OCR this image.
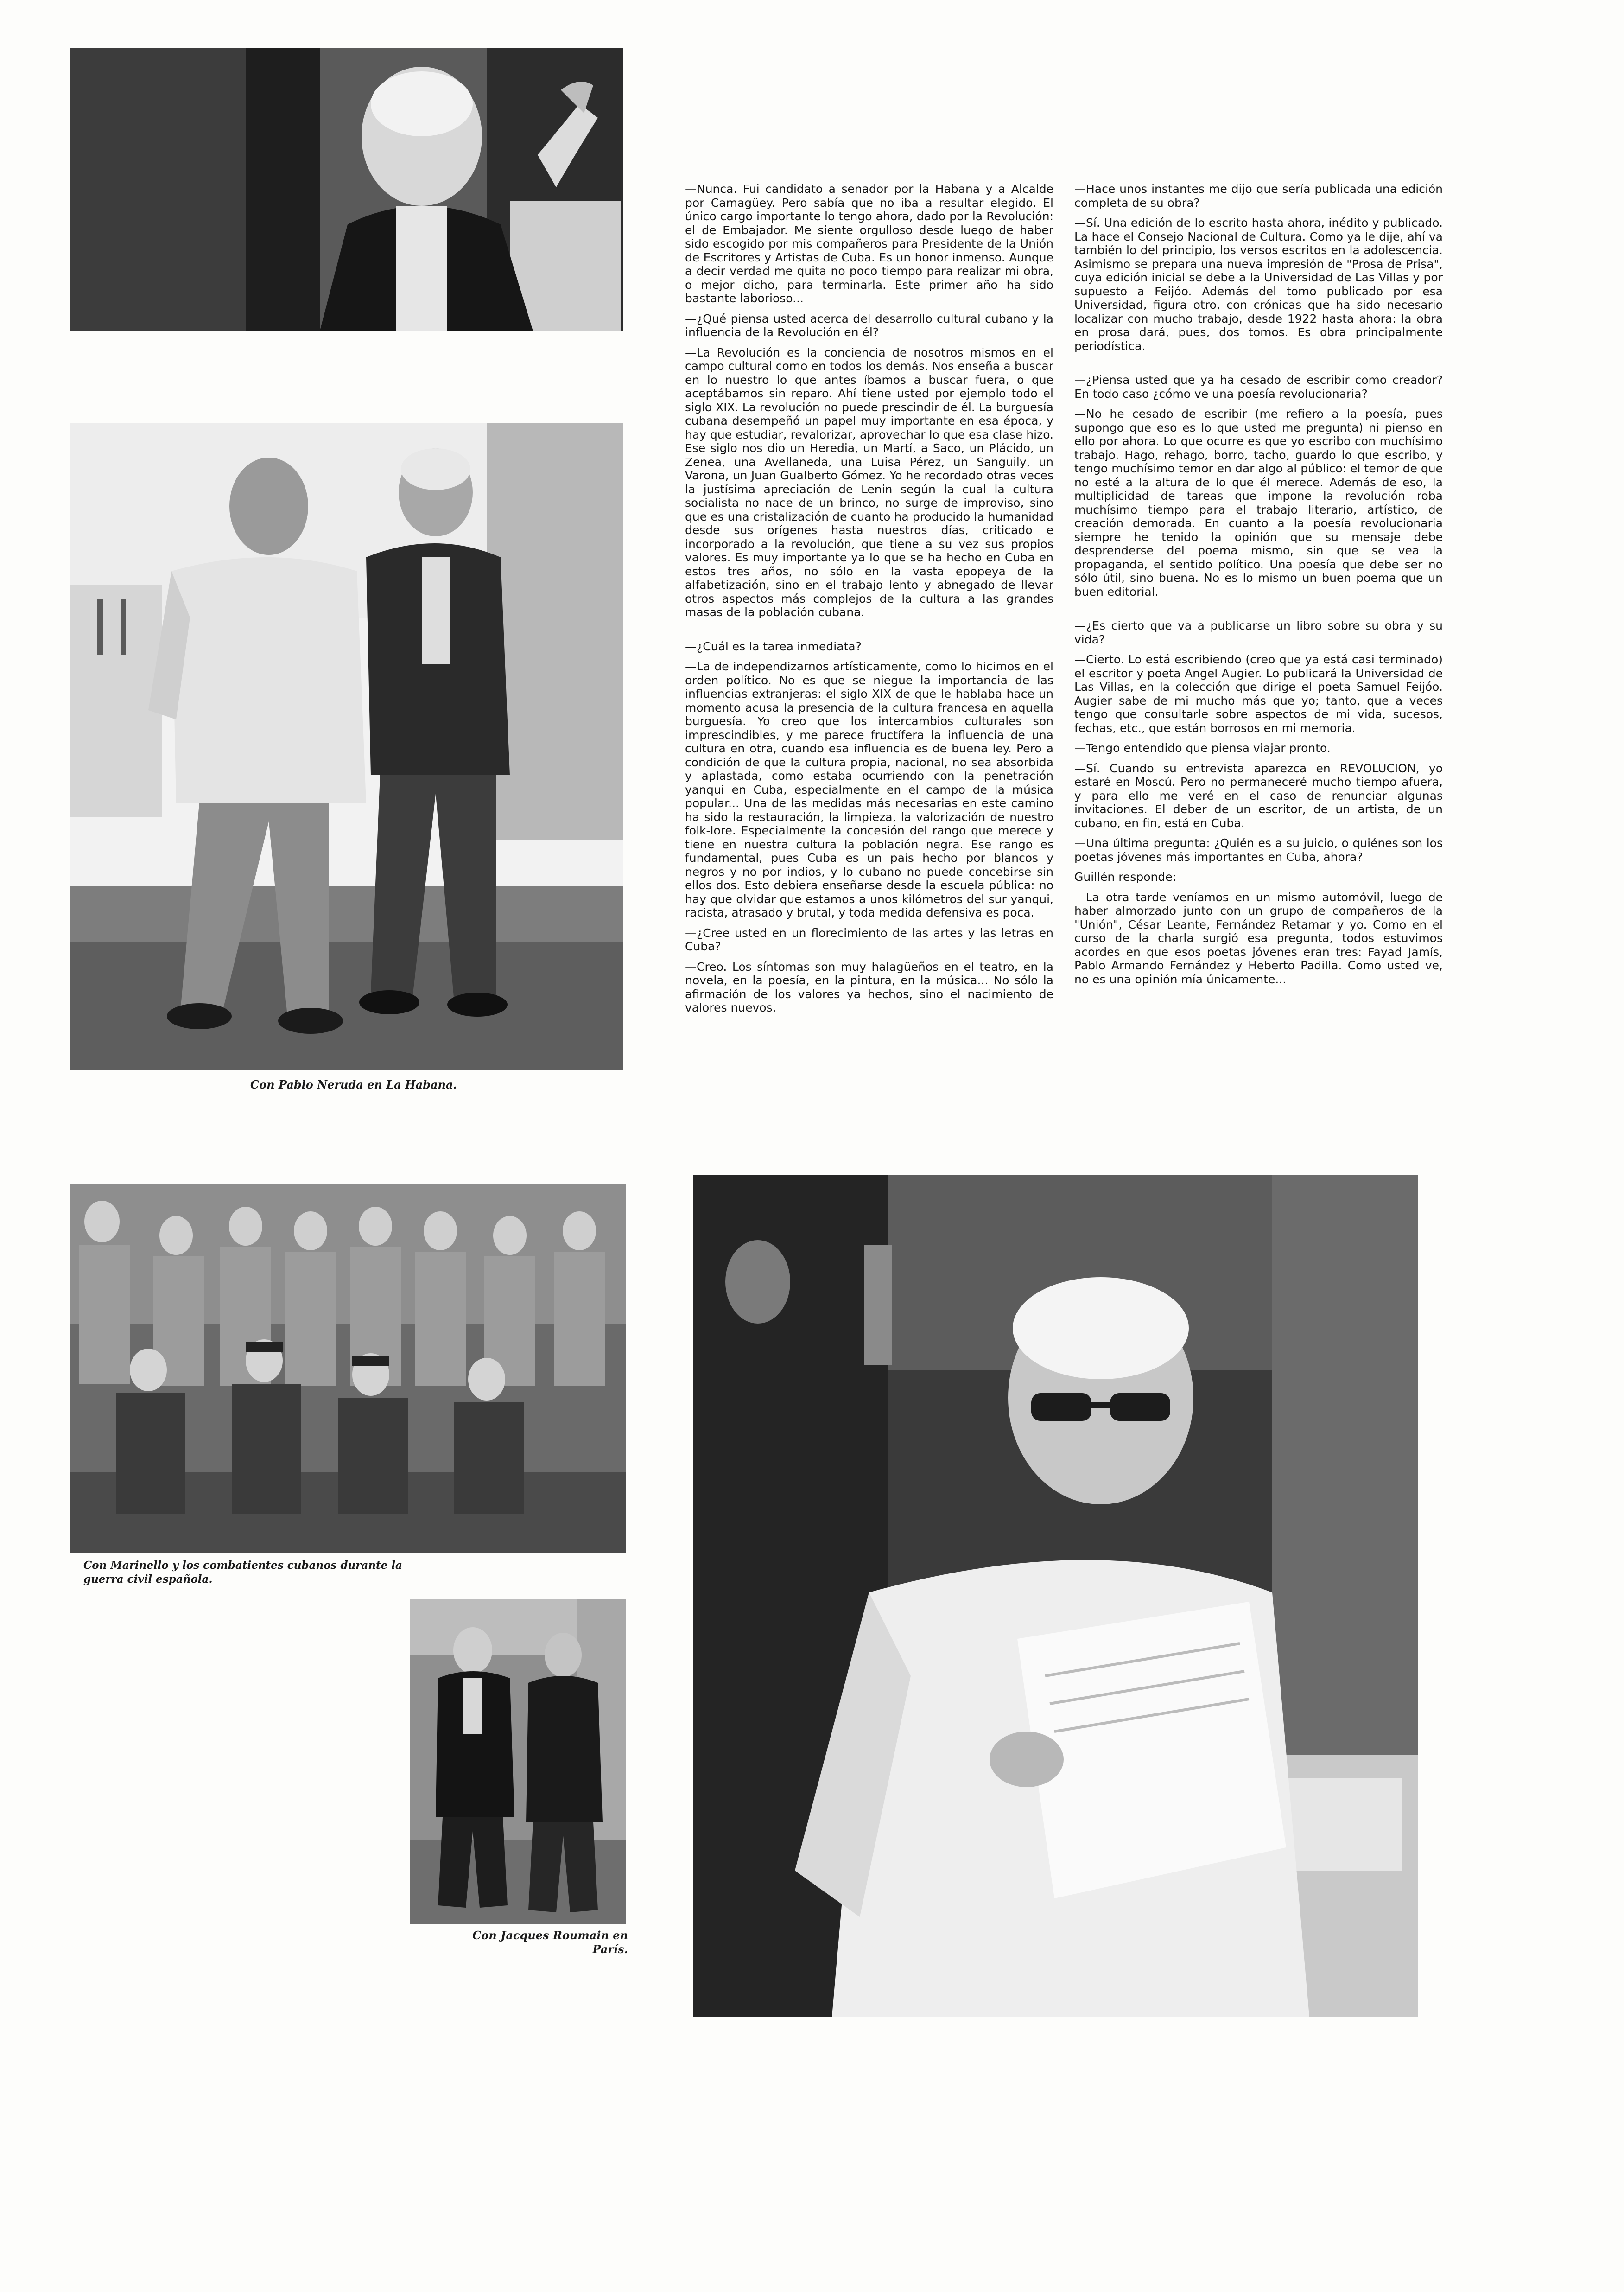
Con Pablo Neruda en La Habana.
Con Marinello y los combatientes cubanos durante la guerra civil española.
Con Jacques Roumain en París.

—Nunca. Fui candidato a senador por la Habana y a Alcalde por Camagüey. Pero sabía que no iba a resultar elegido. El único cargo importante lo tengo ahora, dado por la Revolución: el de Embajador. Me siente orgulloso desde luego de haber sido escogido por mis compañeros para Presidente de la Unión de Escritores y Artistas de Cuba. Es un honor inmenso. Aunque a decir verdad me quita no poco tiempo para realizar mi obra, o mejor dicho, para terminarla. Este primer año ha sido bastante laborioso...

—¿Qué piensa usted acerca del desarrollo cultural cubano y la influencia de la Revolución en él?

—La Revolución es la conciencia de nosotros mismos en el campo cultural como en todos los demás. Nos enseña a buscar en lo nuestro lo que antes íbamos a buscar fuera, o que aceptábamos sin reparo. Ahí tiene usted por ejemplo todo el siglo XIX. La revolución no puede prescindir de él. La burguesía cubana desempeñó un papel muy importante en esa época, y hay que estudiar, revalorizar, aprovechar lo que esa clase hizo. Ese siglo nos dio un Heredia, un Martí, a Saco, un Plácido, un Zenea, una Avellaneda, una Luisa Pérez, un Sanguily, un Varona, un Juan Gualberto Gómez. Yo he recordado otras veces la justísima apreciación de Lenin según la cual la cultura socialista no nace de un brinco, no surge de improviso, sino que es una cristalización de cuanto ha producido la humanidad desde sus orígenes hasta nuestros días, criticado e incorporado a la revolución, que tiene a su vez sus propios valores. Es muy importante ya lo que se ha hecho en Cuba en estos tres años, no sólo en la vasta epopeya de la alfabetización, sino en el trabajo lento y abnegado de llevar otros aspectos más complejos de la cultura a las grandes masas de la población cubana.

—¿Cuál es la tarea inmediata?

—La de independizarnos artísticamente, como lo hicimos en el orden político. No es que se niegue la importancia de las influencias extranjeras: el siglo XIX de que le hablaba hace un momento acusa la presencia de la cultura francesa en aquella burguesía. Yo creo que los intercambios culturales son imprescindibles, y me parece fructífera la influencia de una cultura en otra, cuando esa influencia es de buena ley. Pero a condición de que la cultura propia, nacional, no sea absorbida y aplastada, como estaba ocurriendo con la penetración yanqui en Cuba, especialmente en el campo de la música popular... Una de las medidas más necesarias en este camino ha sido la restauración, la limpieza, la valorización de nuestro folk-lore. Especialmente la concesión del rango que merece y tiene en nuestra cultura la población negra. Ese rango es fundamental, pues Cuba es un país hecho por blancos y negros y no por indios, y lo cubano no puede concebirse sin ellos dos. Esto debiera enseñarse desde la escuela pública: no hay que olvidar que estamos a unos kilómetros del sur yanqui, racista, atrasado y brutal, y toda medida defensiva es poca.

—¿Cree usted en un florecimiento de las artes y las letras en Cuba?

—Creo. Los síntomas son muy halagüeños en el teatro, en la novela, en la poesía, en la pintura, en la música... No sólo la afirmación de los valores ya hechos, sino el nacimiento de valores nuevos.

—Hace unos instantes me dijo que sería publicada una edición completa de su obra?

—Sí. Una edición de lo escrito hasta ahora, inédito y publicado. La hace el Consejo Nacional de Cultura. Como ya le dije, ahí va también lo del principio, los versos escritos en la adolescencia. Asimismo se prepara una nueva impresión de "Prosa de Prisa", cuya edición inicial se debe a la Universidad de Las Villas y por supuesto a Feijóo. Además del tomo publicado por esa Universidad, figura otro, con crónicas que ha sido necesario localizar con mucho trabajo, desde 1922 hasta ahora: la obra en prosa dará, pues, dos tomos. Es obra principalmente periodística.

—¿Piensa usted que ya ha cesado de escribir como creador? En todo caso ¿cómo ve una poesía revolucionaria?

—No he cesado de escribir (me refiero a la poesía, pues supongo que eso es lo que usted me pregunta) ni pienso en ello por ahora. Lo que ocurre es que yo escribo con muchísimo trabajo. Hago, rehago, borro, tacho, guardo lo que escribo, y tengo muchísimo temor en dar algo al público: el temor de que no esté a la altura de lo que él merece. Además de eso, la multiplicidad de tareas que impone la revolución roba muchísimo tiempo para el trabajo literario, artístico, de creación demorada. En cuanto a la poesía revolucionaria siempre he tenido la opinión que su mensaje debe desprenderse del poema mismo, sin que se vea la propaganda, el sentido político. Una poesía que debe ser no sólo útil, sino buena. No es lo mismo un buen poema que un buen editorial.

—¿Es cierto que va a publicarse un libro sobre su obra y su vida?

—Cierto. Lo está escribiendo (creo que ya está casi terminado) el escritor y poeta Angel Augier. Lo publicará la Universidad de Las Villas, en la colección que dirige el poeta Samuel Feijóo. Augier sabe de mi mucho más que yo; tanto, que a veces tengo que consultarle sobre aspectos de mi vida, sucesos, fechas, etc., que están borrosos en mi memoria.

—Tengo entendido que piensa viajar pronto.

—Sí. Cuando su entrevista aparezca en REVOLUCION, yo estaré en Moscú. Pero no permaneceré mucho tiempo afuera, y para ello me veré en el caso de renunciar algunas invitaciones. El deber de un escritor, de un artista, de un cubano, en fin, está en Cuba.

—Una última pregunta: ¿Quién es a su juicio, o quiénes son los poetas jóvenes más importantes en Cuba, ahora?

Guillén responde:

—La otra tarde veníamos en un mismo automóvil, luego de haber almorzado junto con un grupo de compañeros de la "Unión", César Leante, Fernández Retamar y yo. Como en el curso de la charla surgió esa pregunta, todos estuvimos acordes en que esos poetas jóvenes eran tres: Fayad Jamís, Pablo Armando Fernández y Heberto Padilla. Como usted ve, no es una opinión mía únicamente...
